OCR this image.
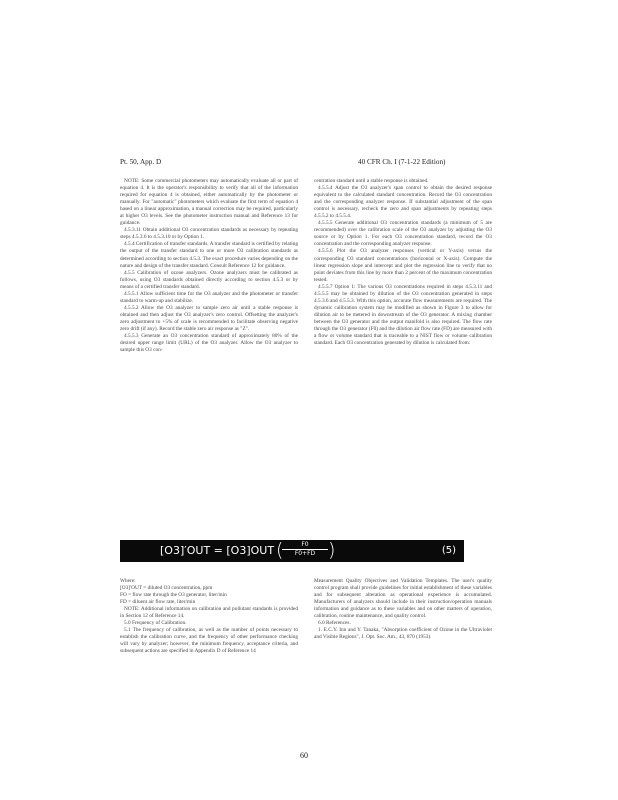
Pt. 50, App. D	40 CFR Ch. I (7-1-22 Edition)

NOTE: Some commercial photometers may automatically evaluate all or part of equation 4. It is the operator's responsibility to verify that all of the information required for equation 4 is obtained, either automatically by the photometer or manually. For "automatic" photometers which evaluate the first term of equation 4 based on a linear approximation, a manual correction may be required, particularly at higher O3 levels. See the photometer instruction manual and Reference 13 for guidance.

4.5.3.11 Obtain additional O3 concentration standards as necessary by repeating steps 4.5.3.6 to 4.5.3.10 or by Option 1.

4.5.4 Certification of transfer standards. A transfer standard is certified by relating the output of the transfer standard to one or more O3 calibration standards as determined according to section 4.5.3. The exact procedure varies depending on the nature and design of the transfer standard. Consult Reference 12 for guidance.

4.5.5 Calibration of ozone analyzers. Ozone analyzers must be calibrated as follows, using O3 standards obtained directly according to section 4.5.3 or by means of a certified transfer standard.

4.5.5.1 Allow sufficient time for the O3 analyzer and the photometer or transfer standard to warm-up and stabilize.

4.5.5.2 Allow the O3 analyzer to sample zero air until a stable response is obtained and then adjust the O3 analyzer's zero control. Offsetting the analyzer's zero adjustment to +5% of scale is recommended to facilitate observing negative zero drift (if any). Record the stable zero air response as "Z".

4.5.5.3 Generate an O3 concentration standard of approximately 80% of the desired upper range limit (URL) of the O3 analyzer. Allow the O3 analyzer to sample this O3 con-

centration standard until a stable response is obtained.

4.5.5.4 Adjust the O3 analyzer's span control to obtain the desired response equivalent to the calculated standard concentration. Record the O3 concentration and the corresponding analyzer response. If substantial adjustment of the span control is necessary, recheck the zero and span adjustments by repeating steps 4.5.5.2 to 4.5.5.4.

4.5.5.5 Generate additional O3 concentration standards (a minimum of 5 are recommended) over the calibration scale of the O3 analyzer by adjusting the O3 source or by Option 1. For each O3 concentration standard, record the O3 concentration and the corresponding analyzer response.

4.5.5.6 Plot the O3 analyzer responses (vertical or Y-axis) versus the corresponding O3 standard concentrations (horizontal or X-axis). Compute the linear regression slope and intercept and plot the regression line to verify that no point deviates from this line by more than 2 percent of the maximum concentration tested.

4.5.5.7 Option 1: The various O3 concentrations required in steps 4.5.3.11 and 4.5.5.5 may be obtained by dilution of the O3 concentration generated in steps 4.5.3.6 and 4.5.5.3. With this option, accurate flow measurements are required. The dynamic calibration system may be modified as shown in Figure 3 to allow for dilution air to be metered in downstream of the O3 generator. A mixing chamber between the O3 generator and the output manifold is also required. The flow rate through the O3 generator (F0) and the dilution air flow rate (FD) are measured with a flow or volume standard that is traceable to a NIST flow or volume calibration standard. Each O3 concentration generated by dilution is calculated from:

[O3]′OUT = [O3]OUT (
$\frac{F0}{F0+FD}$ )	(5)

Where:

[O3]′OUT = diluted O3 concentration, ppm

FO = flow rate through the O3 generator, liter/min

FD = diluent air flow rate, liter/min

NOTE: Additional information on calibration and pollutant standards is provided in Section 12 of Reference 14.

5.0 Frequency of Calibration.

5.1 The frequency of calibration, as well as the number of points necessary to establish the calibration curve, and the frequency of other performance checking will vary by analyzer; however, the minimum frequency, acceptance criteria, and subsequent actions are specified in Appendix D of Reference 14

Measurement Quality Objectives and Validation Templates. The user's quality control program shall provide guidelines for initial establishment of these variables and for subsequent alteration as operational experience is accumulated. Manufacturers of analyzers should include in their instruction/operation manuals information and guidance as to these variables and on other matters of operation, calibration, routine maintenance, and quality control.

6.0 References.

1. E.C.Y. Inn and Y. Tanaka, "Absorption coefficient of Ozone in the Ultraviolet and Visible Regions", J. Opt. Soc. Am., 43, 870 (1953).

60
